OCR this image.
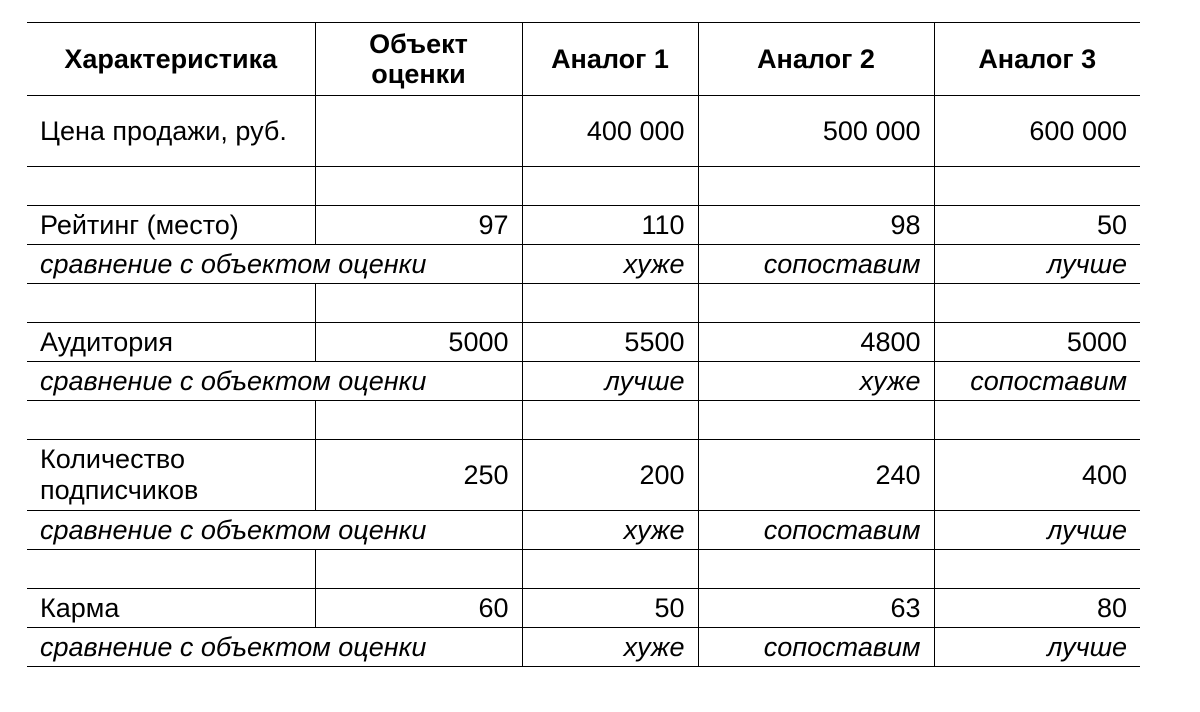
Характеристика	Объект оценки	Аналог 1	Аналог 2	Аналог 3
Цена продажи, руб.		400 000	500 000	600 000

Рейтинг (место)	97	110	98	50
сравнение с объектом оценки		хуже	сопоставим	лучше

Аудитория	5000	5500	4800	5000
сравнение с объектом оценки		лучше	хуже	сопоставим

Количество подписчиков	250	200	240	400
сравнение с объектом оценки		хуже	сопоставим	лучше

Карма	60	50	63	80
сравнение с объектом оценки		хуже	сопоставим	лучше
